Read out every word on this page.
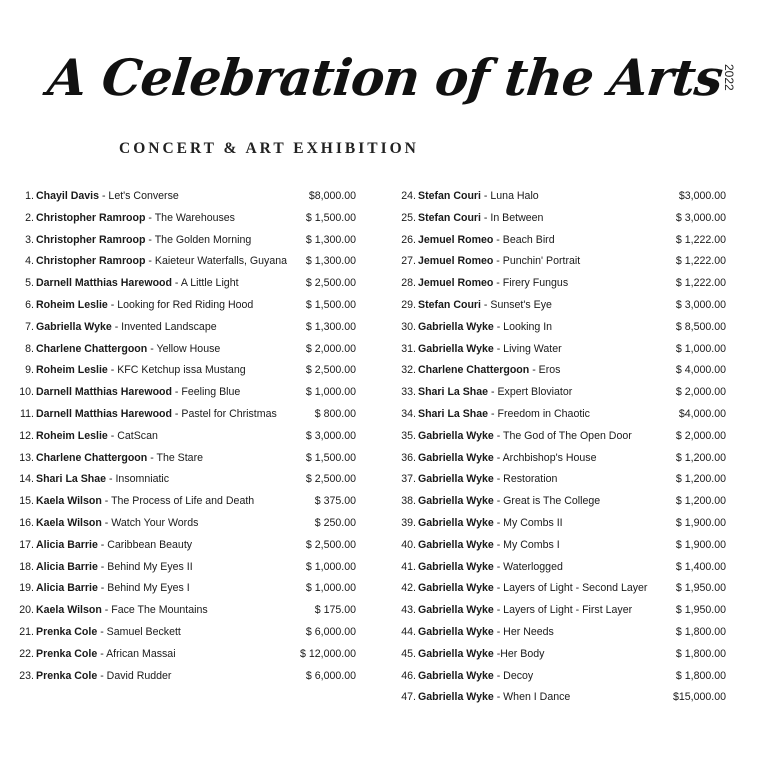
A Celebration of the Arts
CONCERT & ART EXHIBITION
2022
1. Chayil Davis - Let's Converse	$8,000.00
2. Christopher Ramroop - The Warehouses	$ 1,500.00
3. Christopher Ramroop - The Golden Morning	$ 1,300.00
4. Christopher Ramroop - Kaieteur Waterfalls, Guyana $ 1,300.00
5. Darnell Matthias Harewood - A Little Light	$ 2,500.00
6. Roheim Leslie - Looking for Red Riding Hood	$ 1,500.00
7. Gabriella Wyke - Invented Landscape	$ 1,300.00
8. Charlene Chattergoon - Yellow House	$ 2,000.00
9. Roheim Leslie - KFC Ketchup issa Mustang	$ 2,500.00
10. Darnell Matthias Harewood - Feeling Blue	$ 1,000.00
11. Darnell Matthias Harewood - Pastel for Christmas	$ 800.00
12. Roheim Leslie - CatScan	$ 3,000.00
13. Charlene Chattergoon - The Stare	$ 1,500.00
14. Shari La Shae - Insomniatic	$ 2,500.00
15. Kaela Wilson - The Process of Life and Death	$ 375.00
16. Kaela Wilson - Watch Your Words	$ 250.00
17. Alicia Barrie - Caribbean Beauty	$ 2,500.00
18. Alicia Barrie - Behind My Eyes II	$ 1,000.00
19. Alicia Barrie - Behind My Eyes I	$ 1,000.00
20. Kaela Wilson - Face The Mountains	$ 175.00
21. Prenka Cole - Samuel Beckett	$ 6,000.00
22. Prenka Cole - African Massai	$ 12,000.00
23. Prenka Cole - David Rudder	$ 6,000.00
24. Stefan Couri - Luna Halo	$3,000.00
25. Stefan Couri - In Between	$ 3,000.00
26. Jemuel Romeo - Beach Bird	$ 1,222.00
27. Jemuel Romeo - Punchin' Portrait	$ 1,222.00
28. Jemuel Romeo - Firery Fungus	$ 1,222.00
29. Stefan Couri - Sunset's Eye	$ 3,000.00
30. Gabriella Wyke - Looking In	$ 8,500.00
31. Gabriella Wyke - Living Water	$ 1,000.00
32. Charlene Chattergoon - Eros	$ 4,000.00
33. Shari La Shae - Expert Bloviator	$ 2,000.00
34. Shari La Shae - Freedom in Chaotic	$4,000.00
35. Gabriella Wyke - The God of The Open Door	$ 2,000.00
36. Gabriella Wyke - Archbishop's House	$ 1,200.00
37. Gabriella Wyke - Restoration	$ 1,200.00
38. Gabriella Wyke - Great is The College	$ 1,200.00
39. Gabriella Wyke - My Combs II	$ 1,900.00
40. Gabriella Wyke - My Combs I	$ 1,900.00
41. Gabriella Wyke - Waterlogged	$ 1,400.00
42. Gabriella Wyke - Layers of Light - Second Layer	$ 1,950.00
43. Gabriella Wyke - Layers of Light - First Layer	$ 1,950.00
44. Gabriella Wyke - Her Needs	$ 1,800.00
45. Gabriella Wyke -Her Body	$ 1,800.00
46. Gabriella Wyke - Decoy	$ 1,800.00
47. Gabriella Wyke - When I Dance	$15,000.00
